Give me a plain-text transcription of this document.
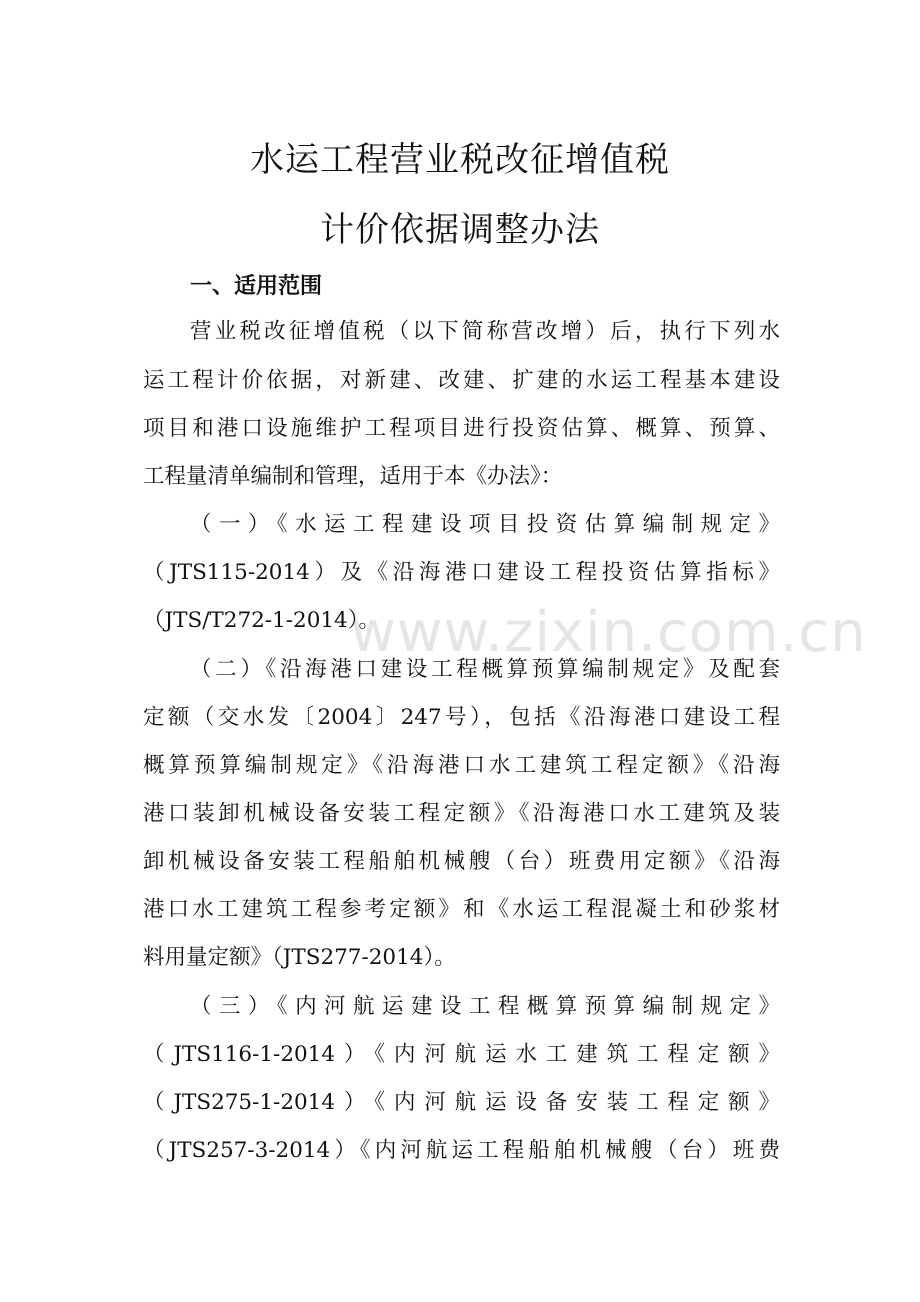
水运工程营业税改征增值税
计价依据调整办法
一、适用范围
营业税改征增值税（以下简称营改增）后，执行下列水
运工程计价依据，对新建、改建、扩建的水运工程基本建设
项目和港口设施维护工程项目进行投资估算、概算、预算、
工程量清单编制和管理，适用于本《办法》：
（一）《水运工程建设项目投资估算编制规定》
（JTS115-2014）及《沿海港口建设工程投资估算指标》
（JTS/T272-1-2014）。
（二）《沿海港口建设工程概算预算编制规定》及配套
定额（交水发〔2004〕247号），包括《沿海港口建设工程
概算预算编制规定》《沿海港口水工建筑工程定额》《沿海
港口装卸机械设备安装工程定额》《沿海港口水工建筑及装
卸机械设备安装工程船舶机械艘（台）班费用定额》《沿海
港口水工建筑工程参考定额》和《水运工程混凝土和砂浆材
料用量定额》（JTS277-2014）。
（三）《内河航运建设工程概算预算编制规定》
（JTS116-1-2014）《内河航运水工建筑工程定额》
（JTS275-1-2014）《内河航运设备安装工程定额》
（JTS257-3-2014）《内河航运工程船舶机械艘（台）班费
www.zixin.com.cn
